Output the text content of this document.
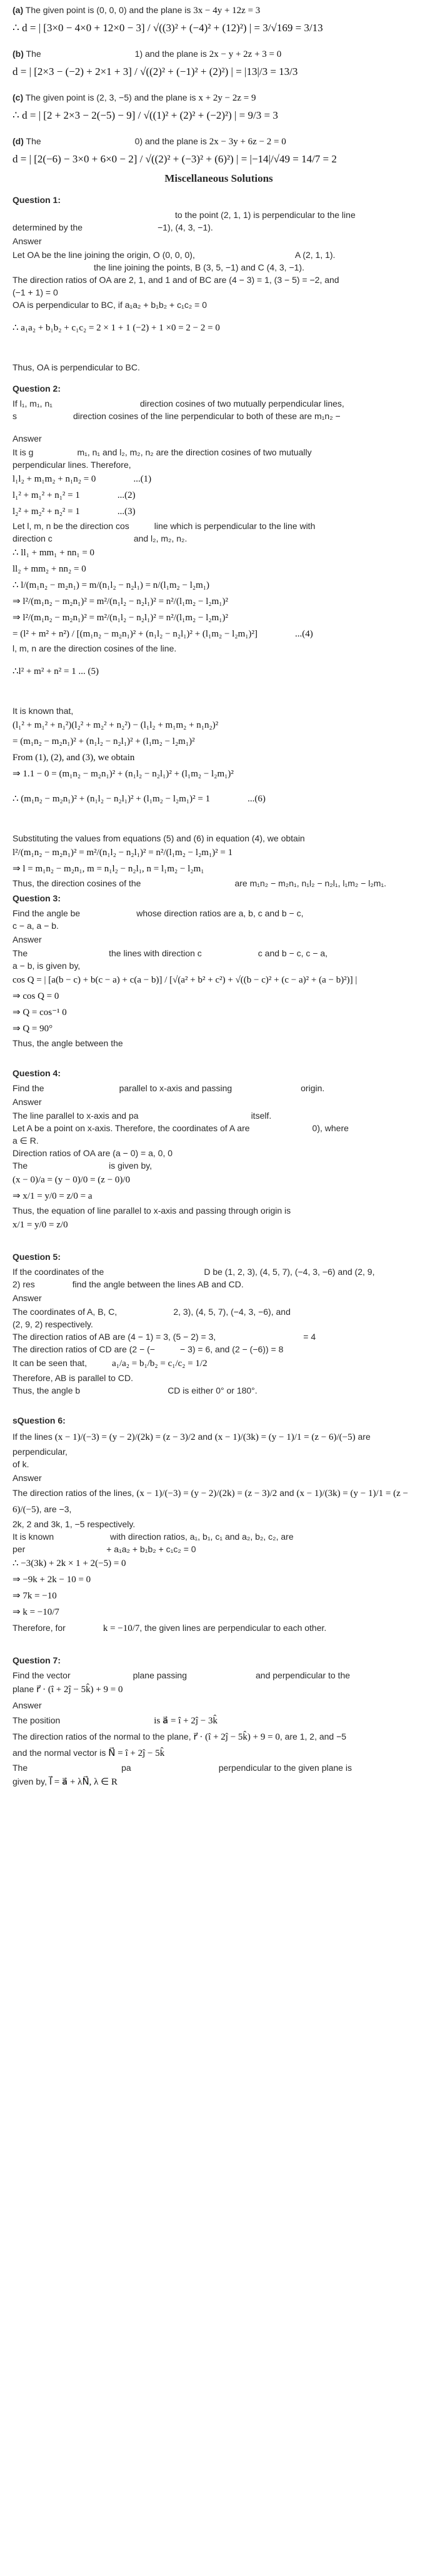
(a) The given point is (0, 0, 0) and the plane is 3x − 4y + 12z = 3

∴ d = | [3×0 − 4×0 + 12×0 − 3] / √((3)² + (−4)² + (12)²) | = 3/√169 = 3/13

(b) The	1) and the plane is 2x − y + 2z + 3 = 0

d = | [2×3 − (−2) + 2×1 + 3] / √((2)² + (−1)² + (2)²) | = |13|/3 = 13/3

(c) The given point is (2, 3, −5) and the plane is x + 2y − 2z = 9

∴ d = | [2 + 2×3 − 2(−5) − 9] / √((1)² + (2)² + (−2)²) | = 9/3 = 3

(d) The	0) and the plane is 2x − 3y + 6z − 2 = 0

d = | [2(−6) − 3×0 + 6×0 − 2] / √((2)² + (−3)² + (6)²) | = |−14|/√49 = 14/7 = 2

Miscellaneous Solutions

Question 1:

to the point (2, 1, 1) is perpendicular to the line

determined by the	−1), (4, 3, −1).

Answer

Let OA be the line joining the origin, O (0, 0, 0),	A (2, 1, 1).

the line joining the points, B (3, 5, −1) and C (4, 3, −1).

The direction ratios of OA are 2, 1, and 1 and of BC are (4 − 3) = 1, (3 − 5) = −2, and

(−1 + 1) = 0

OA is perpendicular to BC, if a₁a₂ + b₁b₂ + c₁c₂ = 0

∴ a₁a₂ + b₁b₂ + c₁c₂ = 2 × 1 + 1 (−2) + 1 ×0 = 2 − 2 = 0

Thus, OA is perpendicular to BC.

Question 2:

If l₁, m₁, n₁	direction cosines of two mutually perpendicular lines,

s	direction cosines of the line perpendicular to both of these are m₁n₂ −

Answer

It is g	m₁, n₁ and l₂, m₂, n₂ are the direction cosines of two mutually

perpendicular lines. Therefore,

l₁l₂ + m₁m₂ + n₁n₂ = 0	...(1)

l₁² + m₁² + n₁² = 1	...(2)

l₂² + m₂² + n₂² = 1	...(3)

Let l, m, n be the direction cos	line which is perpendicular to the line with

direction c	and l₂, m₂, n₂.

∴ ll₁ + mm₁ + nn₁ = 0

ll₂ + mm₂ + nn₂ = 0

∴ l/(m₁n₂ − m₂n₁) = m/(n₁l₂ − n₂l₁) = n/(l₁m₂ − l₂m₁)

⇒ l²/(m₁n₂ − m₂n₁)² = m²/(n₁l₂ − n₂l₁)² = n²/(l₁m₂ − l₂m₁)²

⇒ l²/(m₁n₂ − m₂n₁)² = m²/(n₁l₂ − n₂l₁)² = n²/(l₁m₂ − l₂m₁)²

= (l² + m² + n²) / [(m₁n₂ − m₂n₁)² + (n₁l₂ − n₂l₁)² + (l₁m₂ − l₂m₁)²]	...(4)

l, m, n are the direction cosines of the line.

∴l² + m² + n² = 1 ... (5)

It is known that,

(l₁² + m₁² + n₁²)(l₂² + m₂² + n₂²) − (l₁l₂ + m₁m₂ + n₁n₂)²

= (m₁n₂ − m₂n₁)² + (n₁l₂ − n₂l₁)² + (l₁m₂ − l₂m₁)²

From (1), (2), and (3), we obtain

⇒ 1.1 − 0 = (m₁n₂ − m₂n₁)² + (n₁l₂ − n₂l₁)² + (l₁m₂ − l₂m₁)²

∴ (m₁n₂ − m₂n₁)² + (n₁l₂ − n₂l₁)² + (l₁m₂ − l₂m₁)² = 1	...(6)

Substituting the values from equations (5) and (6) in equation (4), we obtain

l²/(m₁n₂ − m₂n₁)² = m²/(n₁l₂ − n₂l₁)² = n²/(l₁m₂ − l₂m₁)² = 1

⇒ l = m₁n₂ − m₂n₁, m = n₁l₂ − n₂l₁, n = l₁m₂ − l₂m₁

Thus, the direction cosines of the	are m₁n₂ − m₂n₁, n₁l₂ − n₂l₁, l₁m₂ − l₂m₁.

Question 3:

Find the angle be	whose direction ratios are a, b, c and b − c,

c − a, a − b.

Answer

The	the lines with direction c	c and b − c, c − a,

a − b, is given by,

cos Q = | [a(b − c) + b(c − a) + c(a − b)] / [√(a² + b² + c²) + √((b − c)² + (c − a)² + (a − b)²)] |

⇒ cos Q = 0

⇒ Q = cos⁻¹ 0

⇒ Q = 90°

Thus, the angle between the

Question 4:

Find the	parallel to x-axis and passing	origin.

Answer

The line parallel to x-axis and pa	itself.

Let A be a point on x-axis. Therefore, the coordinates of A are	0), where

a ∈ R.

Direction ratios of OA are (a − 0) = a, 0, 0

The	is given by,

(x − 0)/a = (y − 0)/0 = (z − 0)/0

⇒ x/1 = y/0 = z/0 = a

Thus, the equation of line parallel to x-axis and passing through origin is

x/1 = y/0 = z/0

Question 5:

If the coordinates of the	D be (1, 2, 3), (4, 5, 7), (−4, 3, −6) and (2, 9,

2) res	find the angle between the lines AB and CD.

Answer

The coordinates of A, B, C,	2, 3), (4, 5, 7), (−4, 3, −6), and

(2, 9, 2) respectively.

The direction ratios of AB are (4 − 1) = 3, (5 − 2) = 3,	= 4

The direction ratios of CD are (2 − (−	− 3) = 6, and (2 − (−6)) = 8

It can be seen that,	a₁/a₂ = b₁/b₂ = c₁/c₂ = 1/2

Therefore, AB is parallel to CD.

Thus, the angle b	CD is either 0° or 180°.

sQuestion 6:

If the lines (x − 1)/(−3) = (y − 2)/(2k) = (z − 3)/2 and (x − 1)/(3k) = (y − 1)/1 = (z − 6)/(−5) are perpendicular,

of k.

Answer

The direction ratios of the lines, (x − 1)/(−3) = (y − 2)/(2k) = (z − 3)/2 and (x − 1)/(3k) = (y − 1)/1 = (z − 6)/(−5), are −3,

2k, 2 and 3k, 1, −5 respectively.

It is known	with direction ratios, a₁, b₁, c₁ and a₂, b₂, c₂, are

per	+ a₁a₂ + b₁b₂ + c₁c₂ = 0

∴ −3(3k) + 2k × 1 + 2(−5) = 0

⇒ −9k + 2k − 10 = 0

⇒ 7k = −10

⇒ k = −10/7

Therefore, for	k = −10/7, the given lines are perpendicular to each other.

Question 7:

Find the vector	plane passing	and perpendicular to the

plane r⃗ · (î + 2ĵ − 5k̂) + 9 = 0

Answer

The position	is a⃗ = î + 2ĵ − 3k̂

The direction ratios of the normal to the plane, r⃗ · (î + 2ĵ − 5k̂) + 9 = 0, are 1, 2, and −5

and the normal vector is N⃗ = î + 2ĵ − 5k̂

The	pa	perpendicular to the given plane is

given by, l⃗ = a⃗ + λN⃗, λ ∈ R
